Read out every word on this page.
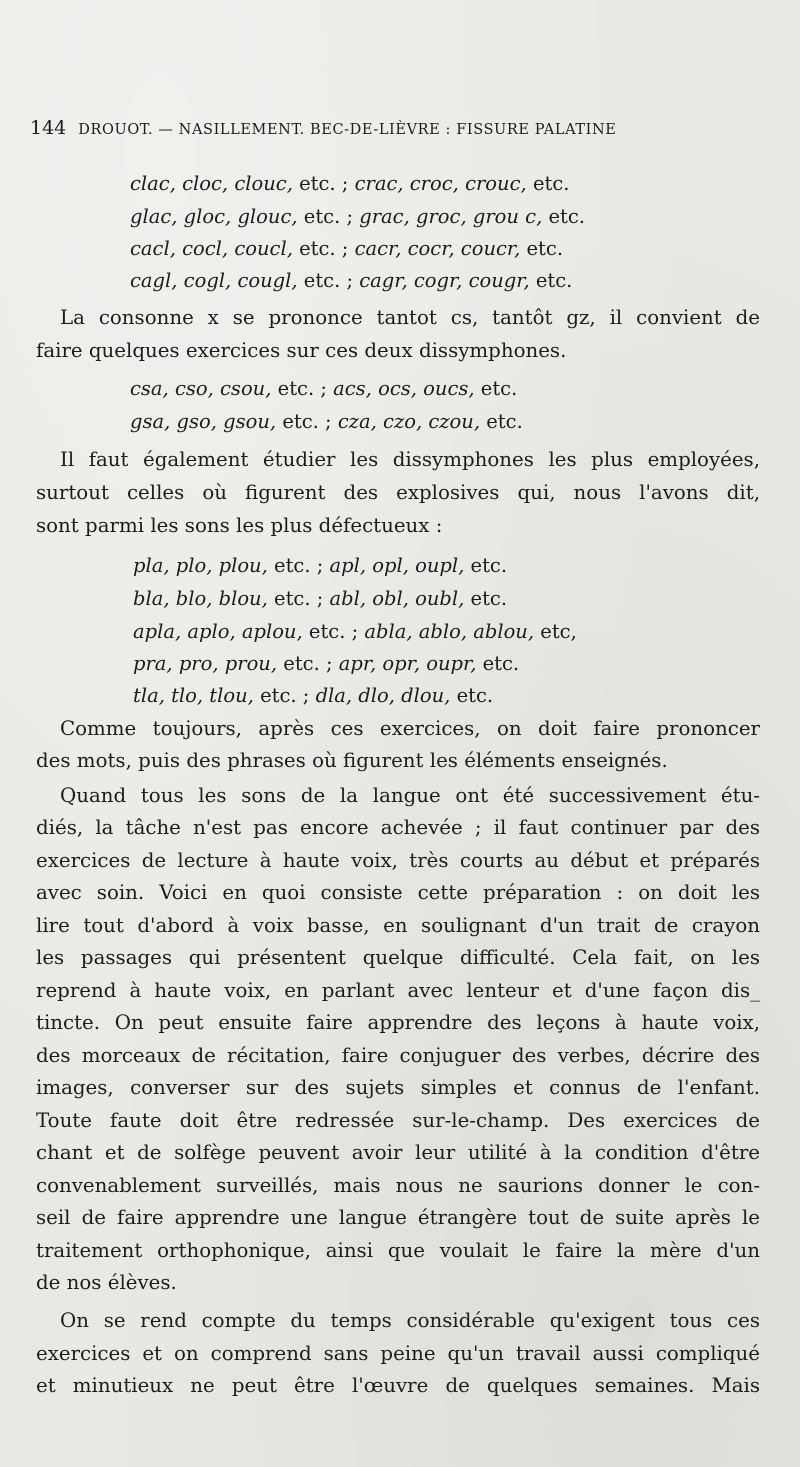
144 DROUOT. — NASILLEMENT. BEC-DE-LIÈVRE : FISSURE PALATINE
clac, cloc, clouc, etc. ; crac, croc, crouc, etc.
glac, gloc, glouc, etc. ; grac, groc, grou c, etc.
cacl, cocl, coucl, etc. ; cacr, cocr, coucr, etc.
cagl, cogl, cougl, etc. ; cagr, cogr, cougr, etc.
La consonne x se prononce tantot cs, tantôt gz, il convient de
faire quelques exercices sur ces deux dissymphones.
csa, cso, csou, etc. ; acs, ocs, oucs, etc.
gsa, gso, gsou, etc. ; cza, czo, czou, etc.
Il faut également étudier les dissymphones les plus employées,
surtout celles où figurent des explosives qui, nous l'avons dit,
sont parmi les sons les plus défectueux :
pla, plo, plou, etc. ; apl, opl, oupl, etc.
bla, blo, blou, etc. ; abl, obl, oubl, etc.
apla, aplo, aplou, etc. ; abla, ablo, ablou, etc,
pra, pro, prou, etc. ; apr, opr, oupr, etc.
tla, tlo, tlou, etc. ; dla, dlo, dlou, etc.
Comme toujours, après ces exercices, on doit faire prononcer
des mots, puis des phrases où figurent les éléments enseignés.
Quand tous les sons de la langue ont été successivement étu-
diés, la tâche n'est pas encore achevée ; il faut continuer par des
exercices de lecture à haute voix, très courts au début et préparés
avec soin. Voici en quoi consiste cette préparation : on doit les
lire tout d'abord à voix basse, en soulignant d'un trait de crayon
les passages qui présentent quelque difficulté. Cela fait, on les
reprend à haute voix, en parlant avec lenteur et d'une façon dis_
tincte. On peut ensuite faire apprendre des leçons à haute voix,
des morceaux de récitation, faire conjuguer des verbes, décrire des
images, converser sur des sujets simples et connus de l'enfant.
Toute faute doit être redressée sur-le-champ. Des exercices de
chant et de solfège peuvent avoir leur utilité à la condition d'être
convenablement surveillés, mais nous ne saurions donner le con-
seil de faire apprendre une langue étrangère tout de suite après le
traitement orthophonique, ainsi que voulait le faire la mère d'un
de nos élèves.
On se rend compte du temps considérable qu'exigent tous ces
exercices et on comprend sans peine qu'un travail aussi compliqué
et minutieux ne peut être l'œuvre de quelques semaines. Mais
